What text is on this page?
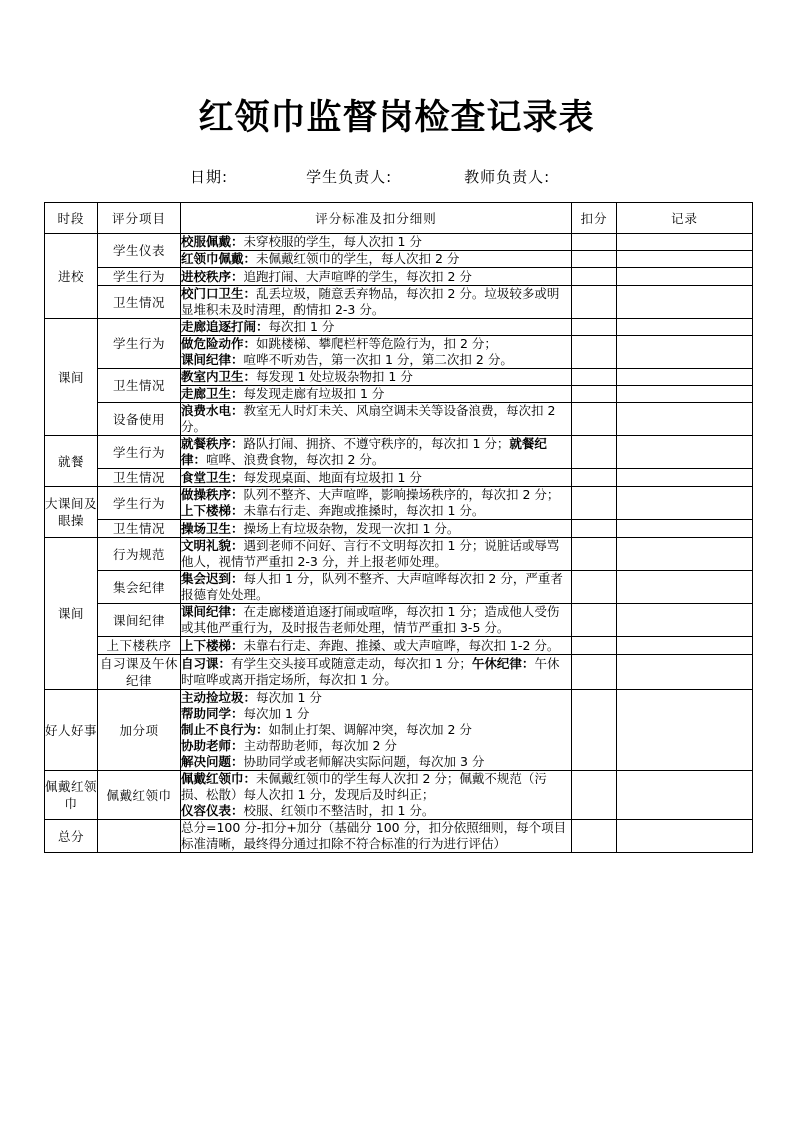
红领巾监督岗检查记录表
日期:	学生负责人:	教师负责人:
时段	评分项目	评分标准及扣分细则	扣分	记录
进校	学生仪表	校服佩戴：未穿校服的学生，每人次扣 1 分		

		红领巾佩戴：未佩戴红领巾的学生，每人次扣 2 分		

	学生行为	进校秩序：追跑打闹、大声喧哗的学生，每次扣 2 分		

	卫生情况	校门口卫生：乱丢垃圾，随意丢弃物品，每次扣 2 分。垃圾较多或明显堆积未及时清理，酌情扣 2-3 分。		

课间	学生行为	走廊追逐打闹：每次扣 1 分		

		做危险动作：如跳楼梯、攀爬栏杆等危险行为，扣 2 分；
课间纪律：喧哗不听劝告，第一次扣 1 分，第二次扣 2 分。		

	卫生情况	教室内卫生：每发现 1 处垃圾杂物扣 1 分		

		走廊卫生：每发现走廊有垃圾扣 1 分		

	设备使用	浪费水电：教室无人时灯未关、风扇空调未关等设备浪费，每次扣 2 分。		

就餐	学生行为	就餐秩序：路队打闹、拥挤、不遵守秩序的，每次扣 1 分；就餐纪律：喧哗、浪费食物，每次扣 2 分。		

	卫生情况	食堂卫生：每发现桌面、地面有垃圾扣 1 分		

大课间及眼操	学生行为	做操秩序：队列不整齐、大声喧哗，影响操场秩序的，每次扣 2 分；
上下楼梯：未靠右行走、奔跑或推搡时，每次扣 1 分。		

	卫生情况	操场卫生：操场上有垃圾杂物，发现一次扣 1 分。		

课间	行为规范	文明礼貌：遇到老师不问好、言行不文明每次扣 1 分；说脏话或辱骂他人，视情节严重扣 2-3 分，并上报老师处理。		

	集会纪律	集会迟到：每人扣 1 分，队列不整齐、大声喧哗每次扣 2 分，严重者报德育处处理。		

	课间纪律	课间纪律：在走廊楼道追逐打闹或喧哗，每次扣 1 分；造成他人受伤或其他严重行为，及时报告老师处理，情节严重扣 3-5 分。		

	上下楼秩序	上下楼梯：未靠右行走、奔跑、推搡、或大声喧哗，每次扣 1-2 分。		

	自习课及午休纪律	自习课：有学生交头接耳或随意走动，每次扣 1 分；午休纪律：午休时喧哗或离开指定场所，每次扣 1 分。		

好人好事	加分项	主动捡垃圾：每次加 1 分
帮助同学：每次加 1 分
制止不良行为：如制止打架、调解冲突，每次加 2 分
协助老师：主动帮助老师，每次加 2 分
解决问题：协助同学或老师解决实际问题，每次加 3 分		

佩戴红领巾	佩戴红领巾	佩戴红领巾：未佩戴红领巾的学生每人次扣 2 分；佩戴不规范（污损、松散）每人次扣 1 分，发现后及时纠正；
仪容仪表：校服、红领巾不整洁时，扣 1 分。		

总分		总分=100 分-扣分+加分（基础分 100 分，扣分依照细则，每个项目标准清晰，最终得分通过扣除不符合标准的行为进行评估）		
